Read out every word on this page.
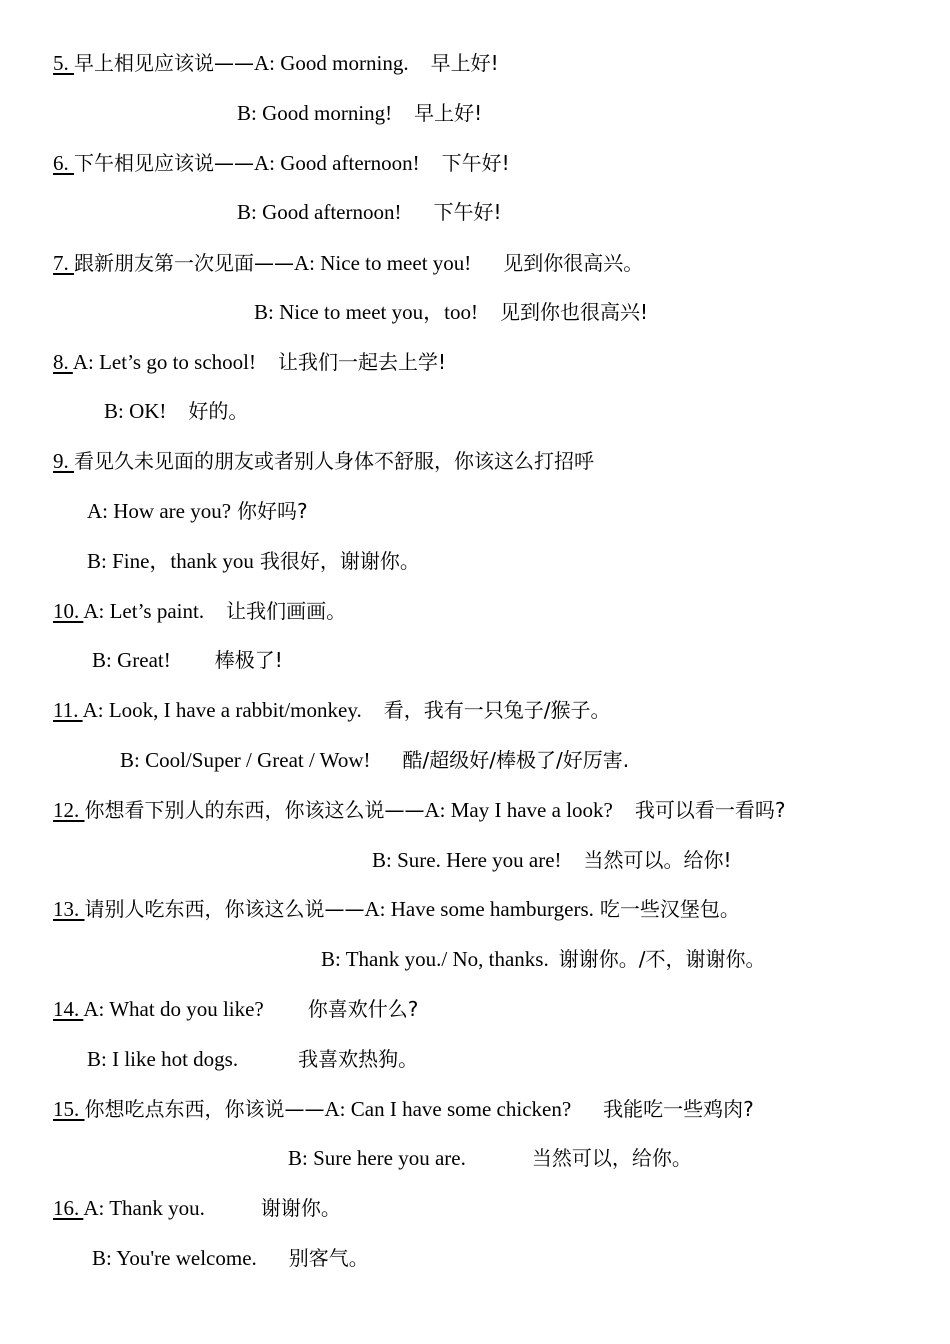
5. 早上相见应该说——A: Good morning. 早上好!
B: Good morning! 早上好!
6. 下午相见应该说——A: Good afternoon! 下午好!
B: Good afternoon! 下午好!
7. 跟新朋友第一次见面——A: Nice to meet you! 见到你很高兴。
B: Nice to meet you，too! 见到你也很高兴!
8. A: Let’s go to school! 让我们一起去上学!
B: OK! 好的。
9. 看见久未见面的朋友或者别人身体不舒服，你该这么打招呼
A: How are you? 你好吗?
B: Fine，thank you 我很好，谢谢你。
10. A: Let’s paint. 让我们画画。
B: Great! 棒极了!
11. A: Look, I have a rabbit/monkey. 看，我有一只兔子/猴子。
B: Cool/Super / Great / Wow! 酷/超级好/棒极了/好厉害.
12. 你想看下别人的东西，你该这么说——A: May I have a look? 我可以看一看吗?
B: Sure. Here you are! 当然可以。给你!
13. 请别人吃东西，你该这么说——A: Have some hamburgers. 吃一些汉堡包。
B: Thank you./ No, thanks. 谢谢你。/不，谢谢你。
14. A: What do you like? 你喜欢什么?
B: I like hot dogs.	我喜欢热狗。
15. 你想吃点东西，你该说——A: Can I have some chicken? 我能吃一些鸡肉?
B: Sure here you are.	当然可以，给你。
16. A: Thank you.	谢谢你。
B: You're welcome. 别客气。
